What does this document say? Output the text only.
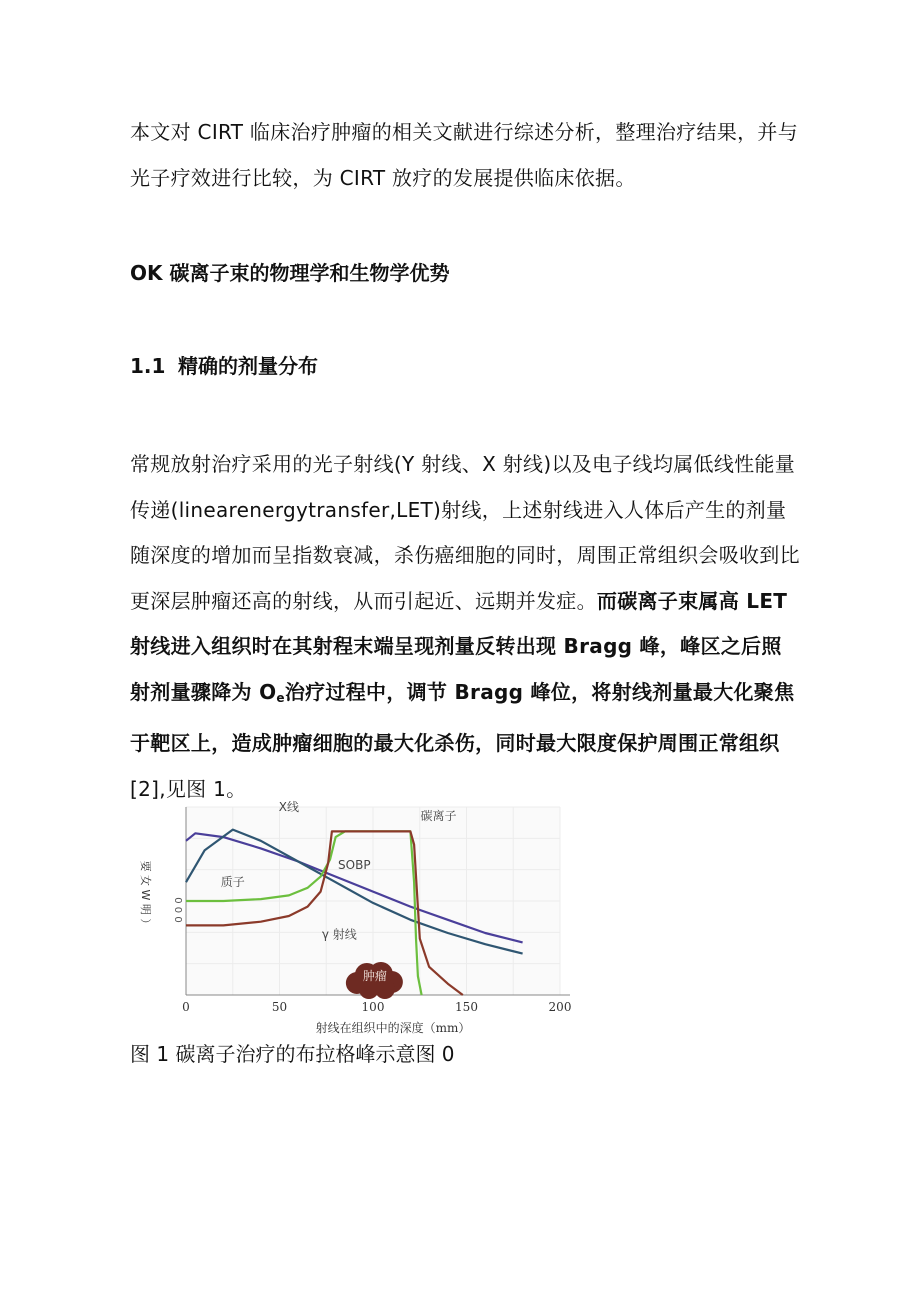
本文对 CIRT 临床治疗肿瘤的相关文献进行综述分析，整理治疗结果，并与光子疗效进行比较，为 CIRT 放疗的发展提供临床依据。

OK 碳离子束的物理学和生物学优势

1.1 精确的剂量分布

常规放射治疗采用的光子射线(Y 射线、X 射线)以及电子线均属低线性能量传递(linearenergytransfer,LET)射线，上述射线进入人体后产生的剂量随深度的增加而呈指数衰减，杀伤癌细胞的同时，周围正常组织会吸收到比更深层肿瘤还高的射线，从而引起近、远期并发症。而碳离子束属高 LET 射线进入组织时在其射程末端呈现剂量反转出现 Bragg 峰，峰区之后照射剂量骤降为 $O_e$治疗过程中，调节 Bragg 峰位，将射线剂量最大化聚焦于靶区上，造成肿瘤细胞的最大化杀伤，同时最大限度保护周围正常组织[2],见图 1。

0	50	100	150	200
射线在组织中的深度（mm）
要 女 W 明 ） 0 0 0
X线
碳离子
SOBP
质子
γ 射线
肿瘤

图 1 碳离子治疗的布拉格峰示意图 0
